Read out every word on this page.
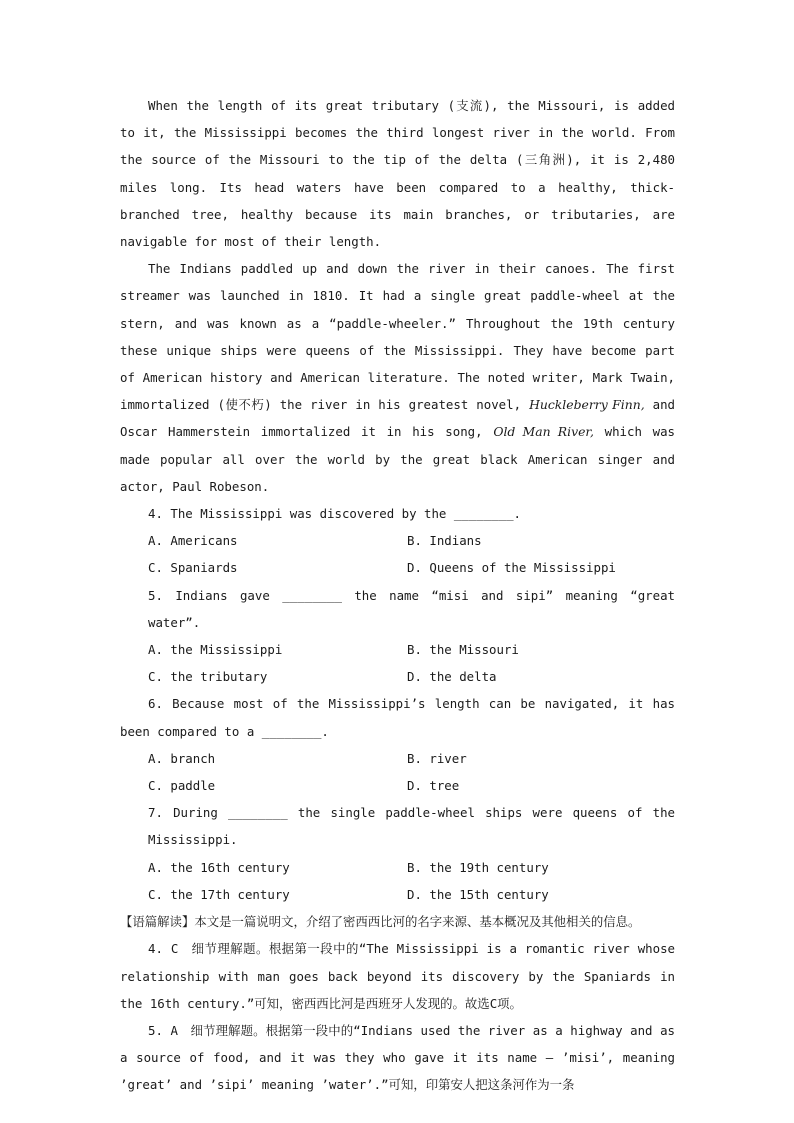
When the length of its great tributary (支流), the Missouri, is added to it, the Mississippi becomes the third longest river in the world. From the source of the Missouri to the tip of the delta (三角洲), it is 2,480 miles long. Its head waters have been compared to a healthy, thick-branched tree, healthy because its main branches, or tributaries, are navigable for most of their length.

The Indians paddled up and down the river in their canoes. The first streamer was launched in 1810. It had a single great paddle-wheel at the stern, and was known as a “paddle-wheeler.” Throughout the 19th century these unique ships were queens of the Mississippi. They have become part of American history and American literature. The noted writer, Mark Twain, immortalized (使不朽) the river in his greatest novel, Huckleberry Finn, and Oscar Hammerstein immortalized it in his song, Old Man River, which was made popular all over the world by the great black American singer and actor, Paul Robeson.

4. The Mississippi was discovered by the ________.

A. Americans	B. Indians
C. Spaniards	D. Queens of the Mississippi

5. Indians gave ________ the name “misi and sipi” meaning “great water”.

A. the Mississippi	B. the Missouri
C. the tributary	D. the delta

6. Because most of the Mississippi’s length can be navigated, it has been compared to a ________.

A. branch	B. river
C. paddle	D. tree

7. During ________ the single paddle-wheel ships were queens of the Mississippi.

A. the 16th century	B. the 19th century
C. the 17th century	D. the 15th century

【语篇解读】本文是一篇说明文，介绍了密西西比河的名字来源、基本概况及其他相关的信息。

4. C　细节理解题。根据第一段中的“The Mississippi is a romantic river whose relationship with man goes back beyond its discovery by the Spaniards in the 16th century.”可知，密西西比河是西班牙人发现的。故选C项。

5. A　细节理解题。根据第一段中的“Indians used the river as a highway and as a source of food, and it was they who gave it its name — ’misi’, meaning ’great’ and ’sipi’ meaning ’water’.”可知，印第安人把这条河作为一条
